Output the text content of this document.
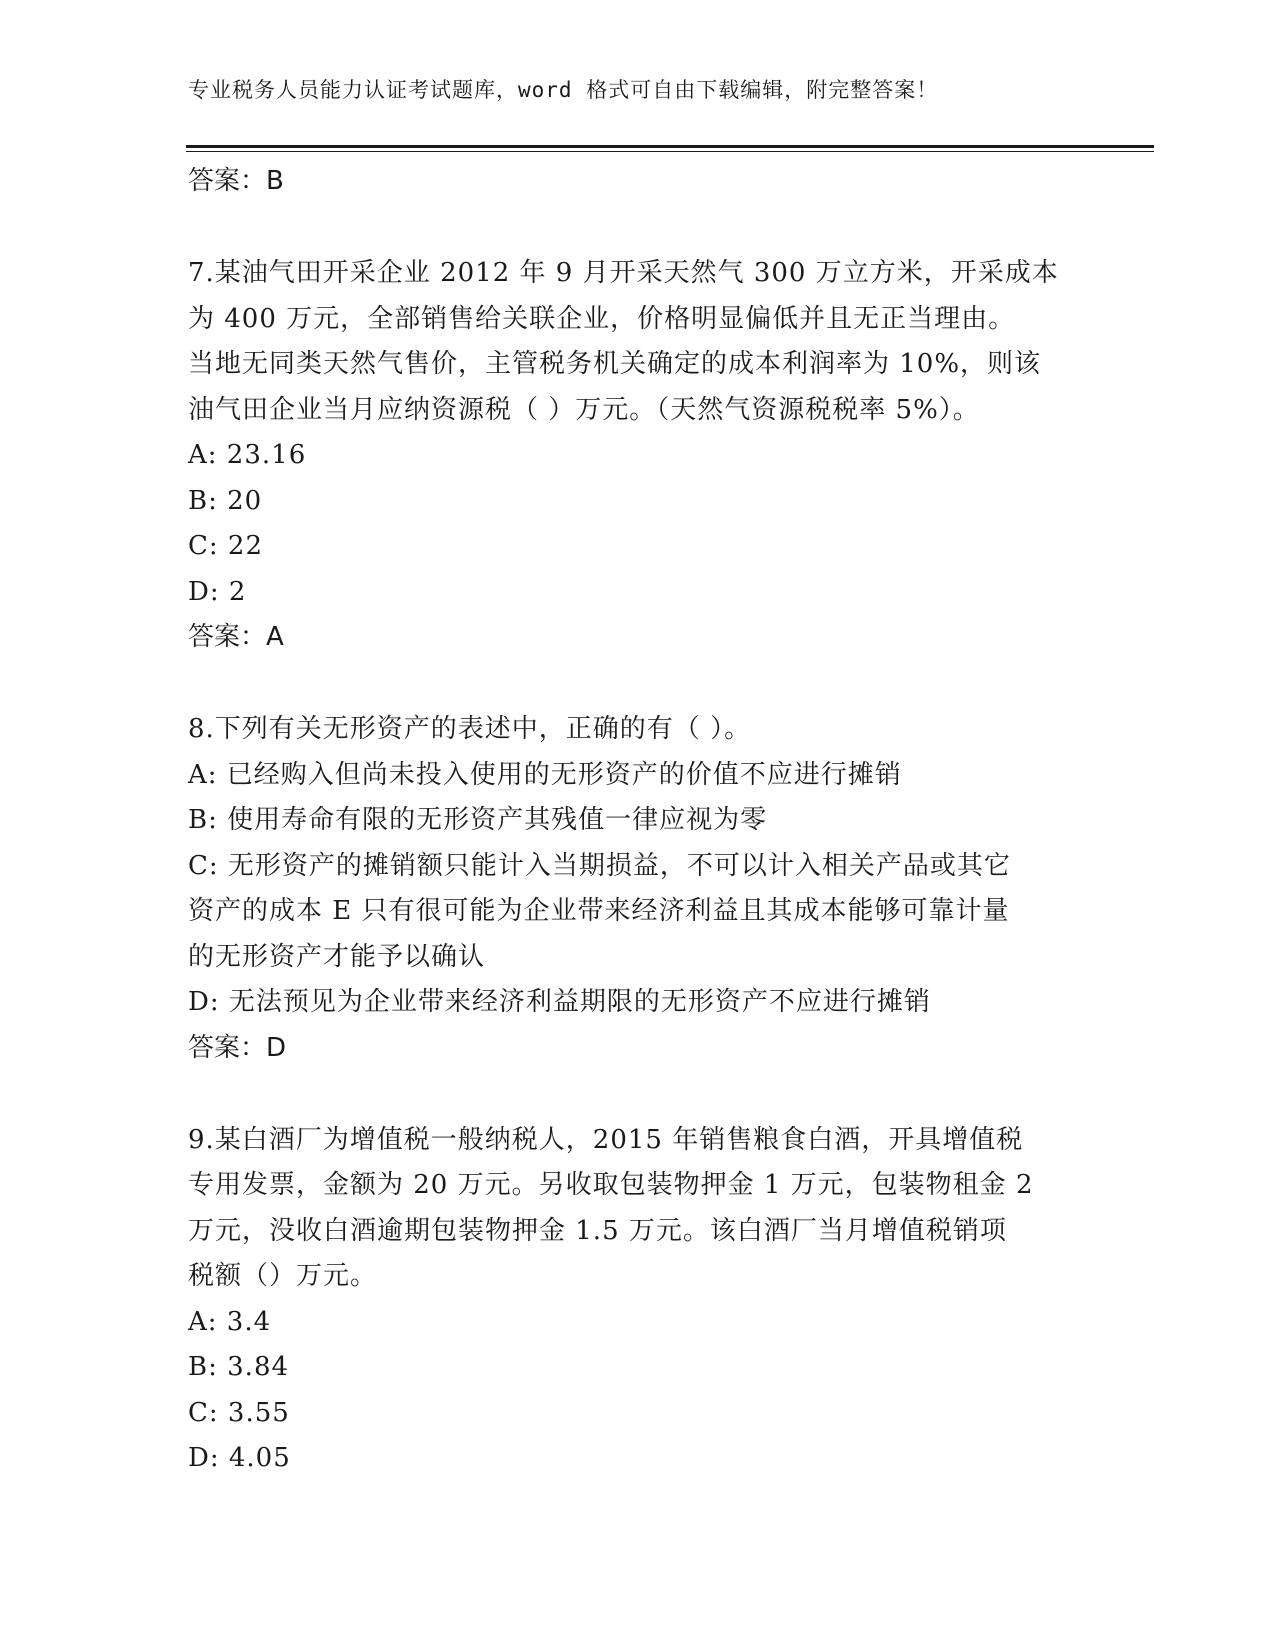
专业税务人员能力认证考试题库，word 格式可自由下载编辑，附完整答案！
答案：B
7.某油气田开采企业 2012 年 9 月开采天然气 300 万立方米，开采成本
为 400 万元，全部销售给关联企业，价格明显偏低并且无正当理由。
当地无同类天然气售价，主管税务机关确定的成本利润率为 10%，则该
油气田企业当月应纳资源税（ ）万元。（天然气资源税税率 5%）。
A: 23.16
B: 20
C: 22
D: 2
答案：A
8.下列有关无形资产的表述中，正确的有（ ）。
A: 已经购入但尚未投入使用的无形资产的价值不应进行摊销
B: 使用寿命有限的无形资产其残值一律应视为零
C: 无形资产的摊销额只能计入当期损益，不可以计入相关产品或其它
资产的成本 E 只有很可能为企业带来经济利益且其成本能够可靠计量
的无形资产才能予以确认
D: 无法预见为企业带来经济利益期限的无形资产不应进行摊销
答案：D
9.某白酒厂为增值税一般纳税人，2015 年销售粮食白酒，开具增值税
专用发票，金额为 20 万元。另收取包装物押金 1 万元，包装物租金 2
万元，没收白酒逾期包装物押金 1.5 万元。该白酒厂当月增值税销项
税额（）万元。
A: 3.4
B: 3.84
C: 3.55
D: 4.05
